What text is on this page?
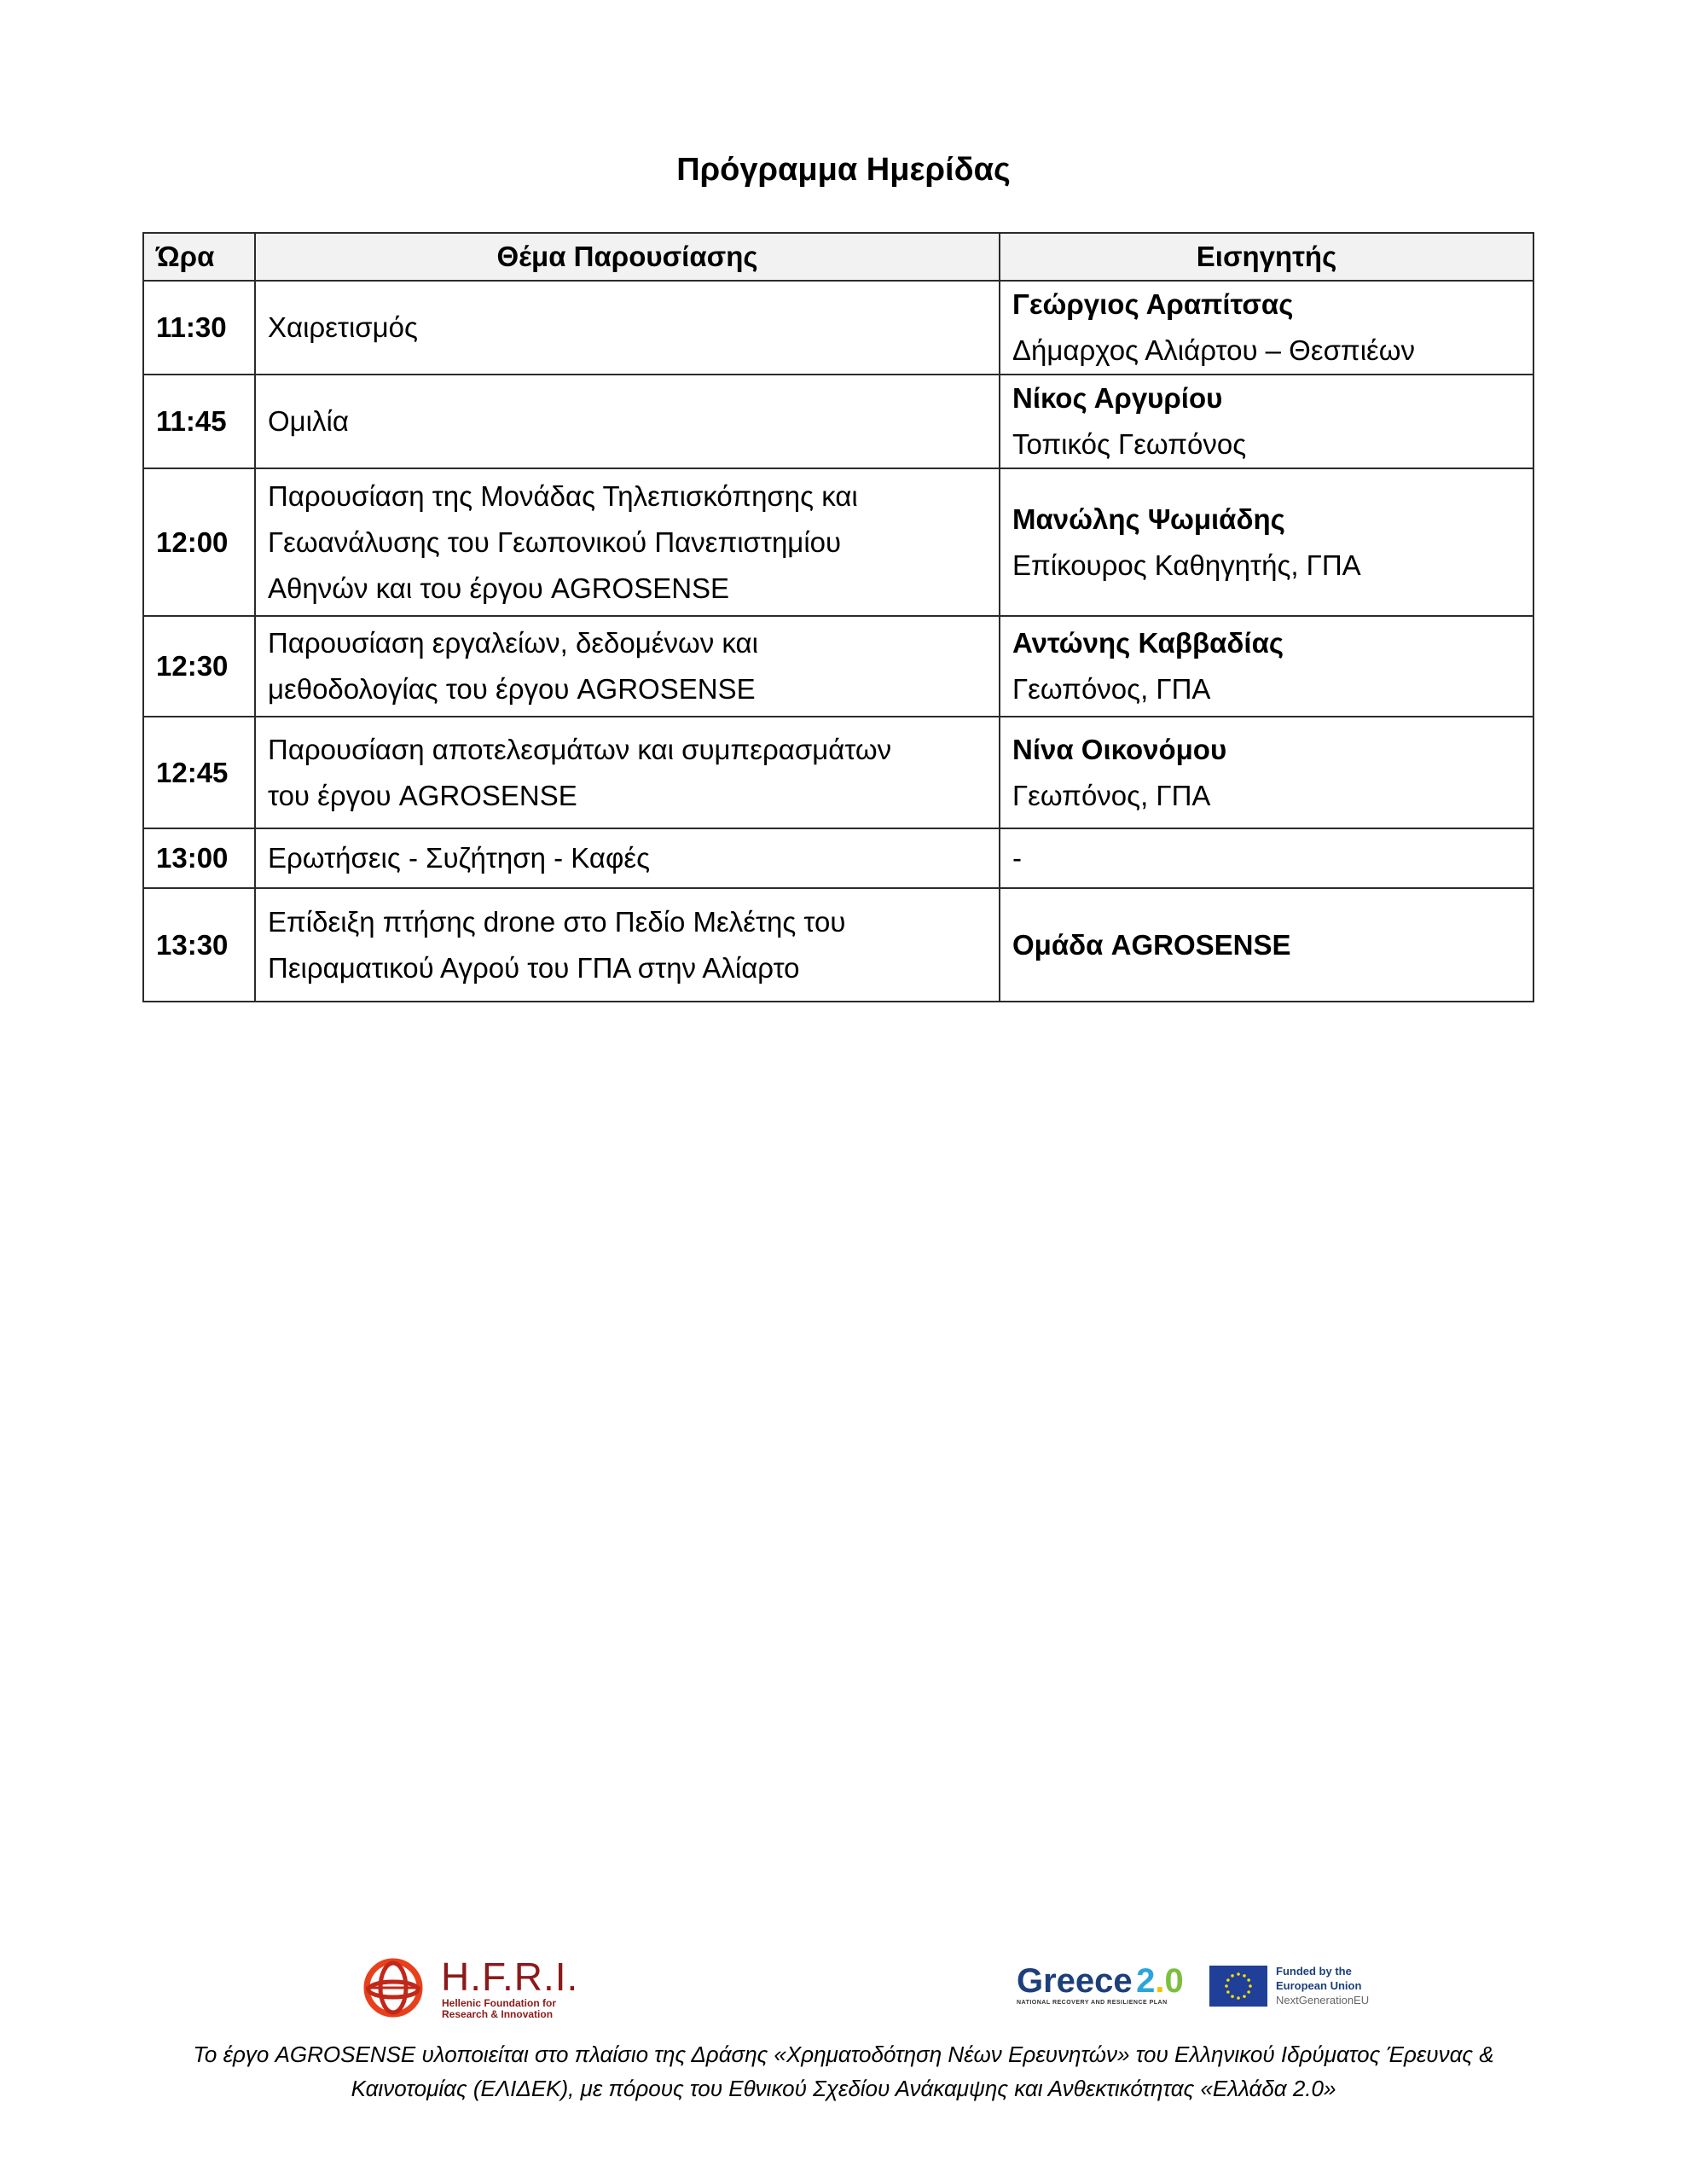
Πρόγραμμα Ημερίδας
Ώρα	Θέμα Παρουσίασης	Εισηγητής
11:30	Χαιρετισμός	Γεώργιος Αραπίτσας
Δήμαρχος Αλιάρτου – Θεσπιέων

11:45	Ομιλία	Νίκος Αργυρίου
Τοπικός Γεωπόνος

12:00	Παρουσίαση της Μονάδας Τηλεπισκόπησης και
Γεωανάλυσης του Γεωπονικού Πανεπιστημίου
Αθηνών και του έργου AGROSENSE	Μανώλης Ψωμιάδης
Επίκουρος Καθηγητής, ΓΠΑ

12:30	Παρουσίαση εργαλείων, δεδομένων και
μεθοδολογίας του έργου AGROSENSE	Αντώνης Καββαδίας
Γεωπόνος, ΓΠΑ

12:45	Παρουσίαση αποτελεσμάτων και συμπερασμάτων
του έργου AGROSENSE	Νίνα Οικονόμου
Γεωπόνος, ΓΠΑ

13:00	Ερωτήσεις - Συζήτηση - Καφές	-

13:30	Επίδειξη πτήσης drone στο Πεδίο Μελέτης του
Πειραματικού Αγρού του ΓΠΑ στην Αλίαρτο	Ομάδα AGROSENSE
H.F.R.I.
Hellenic Foundation for
Research & Innovation
Greece 2.0
NATIONAL RECOVERY AND RESILIENCE PLAN
Funded by the
European Union
NextGenerationEU
Το έργο AGROSENSE υλοποιείται στο πλαίσιο της Δράσης «Χρηματοδότηση Νέων Ερευνητών» του Ελληνικού Ιδρύματος Έρευνας &
Καινοτομίας (ΕΛΙΔΕΚ), με πόρους του Εθνικού Σχεδίου Ανάκαμψης και Ανθεκτικότητας «Ελλάδα 2.0»
